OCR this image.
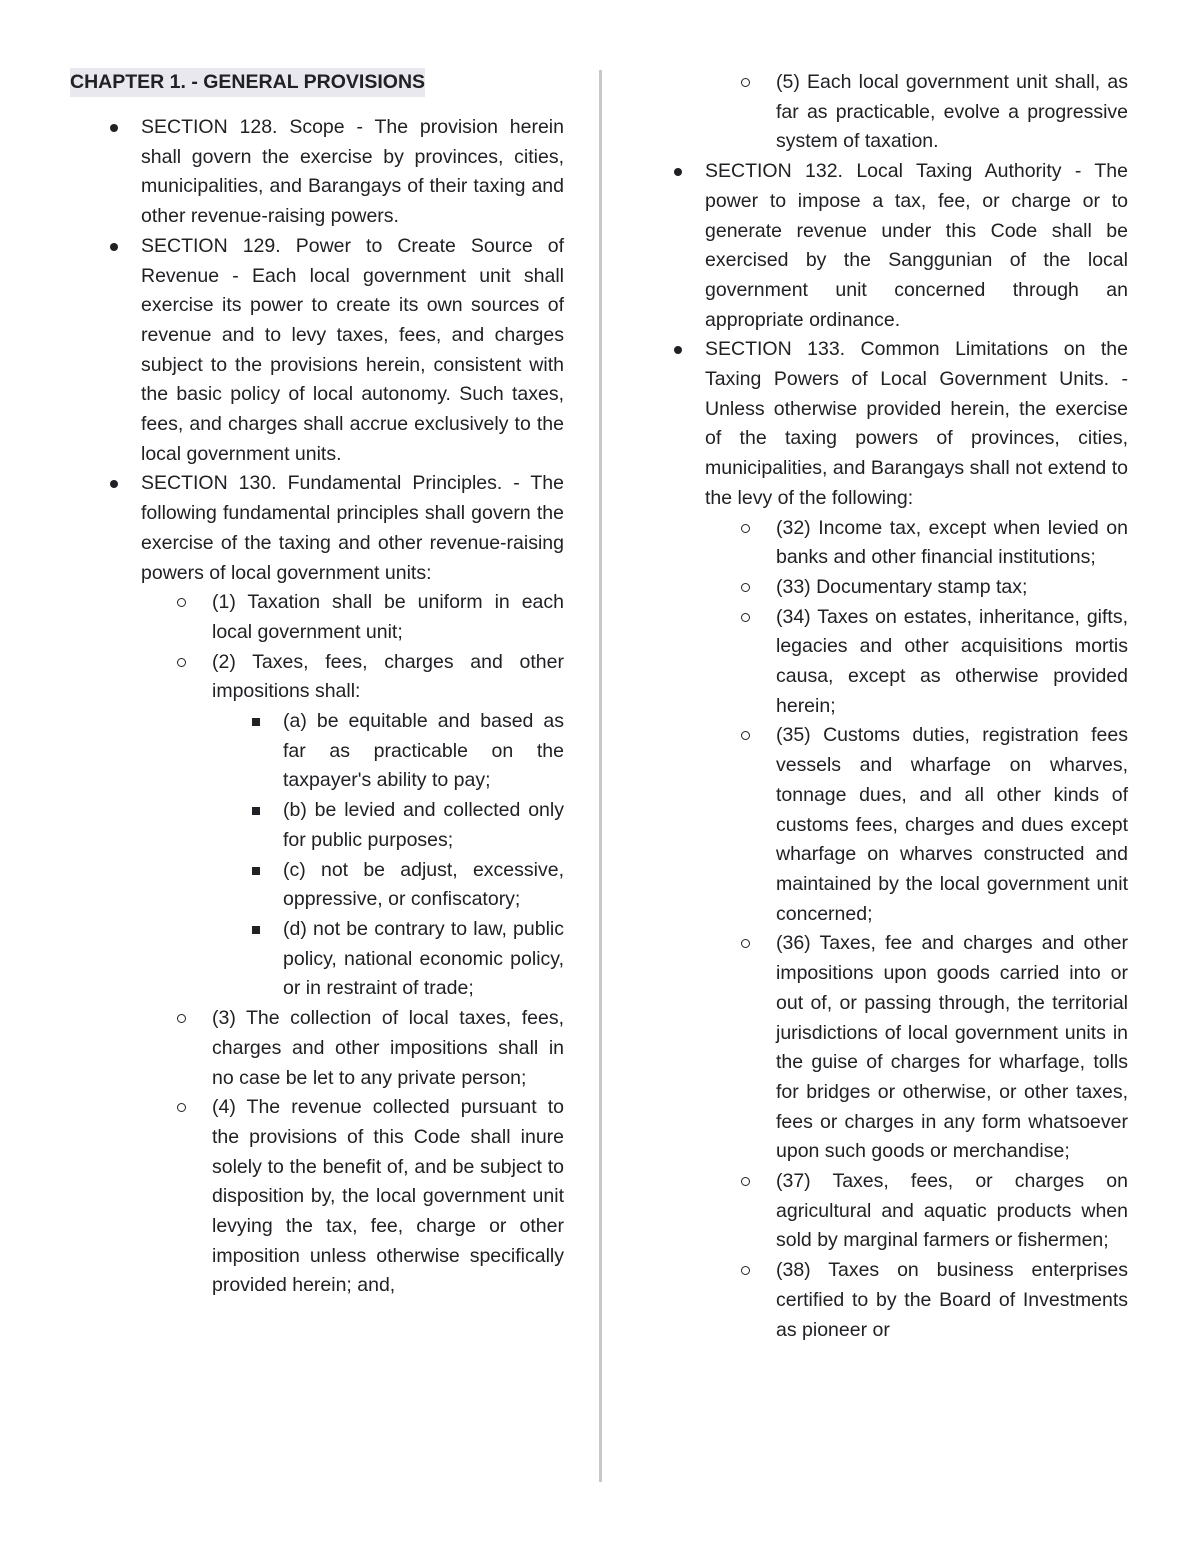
CHAPTER 1. - GENERAL PROVISIONS
SECTION 128. Scope - The provision herein shall govern the exercise by provinces, cities, municipalities, and Barangays of their taxing and other revenue-raising powers.
SECTION 129. Power to Create Source of Revenue - Each local government unit shall exercise its power to create its own sources of revenue and to levy taxes, fees, and charges subject to the provisions herein, consistent with the basic policy of local autonomy. Such taxes, fees, and charges shall accrue exclusively to the local government units.
SECTION 130. Fundamental Principles. - The following fundamental principles shall govern the exercise of the taxing and other revenue-raising powers of local government units:
(1) Taxation shall be uniform in each local government unit;
(2) Taxes, fees, charges and other impositions shall:
(a) be equitable and based as far as practicable on the taxpayer's ability to pay;
(b) be levied and collected only for public purposes;
(c) not be adjust, excessive, oppressive, or confiscatory;
(d) not be contrary to law, public policy, national economic policy, or in restraint of trade;
(3) The collection of local taxes, fees, charges and other impositions shall in no case be let to any private person;
(4) The revenue collected pursuant to the provisions of this Code shall inure solely to the benefit of, and be subject to disposition by, the local government unit levying the tax, fee, charge or other imposition unless otherwise specifically provided herein; and,
(5) Each local government unit shall, as far as practicable, evolve a progressive system of taxation.
SECTION 132. Local Taxing Authority - The power to impose a tax, fee, or charge or to generate revenue under this Code shall be exercised by the Sanggunian of the local government unit concerned through an appropriate ordinance.
SECTION 133. Common Limitations on the Taxing Powers of Local Government Units. - Unless otherwise provided herein, the exercise of the taxing powers of provinces, cities, municipalities, and Barangays shall not extend to the levy of the following:
(32) Income tax, except when levied on banks and other financial institutions;
(33) Documentary stamp tax;
(34) Taxes on estates, inheritance, gifts, legacies and other acquisitions mortis causa, except as otherwise provided herein;
(35) Customs duties, registration fees vessels and wharfage on wharves, tonnage dues, and all other kinds of customs fees, charges and dues except wharfage on wharves constructed and maintained by the local government unit concerned;
(36) Taxes, fee and charges and other impositions upon goods carried into or out of, or passing through, the territorial jurisdictions of local government units in the guise of charges for wharfage, tolls for bridges or otherwise, or other taxes, fees or charges in any form whatsoever upon such goods or merchandise;
(37) Taxes, fees, or charges on agricultural and aquatic products when sold by marginal farmers or fishermen;
(38) Taxes on business enterprises certified to by the Board of Investments as pioneer or
